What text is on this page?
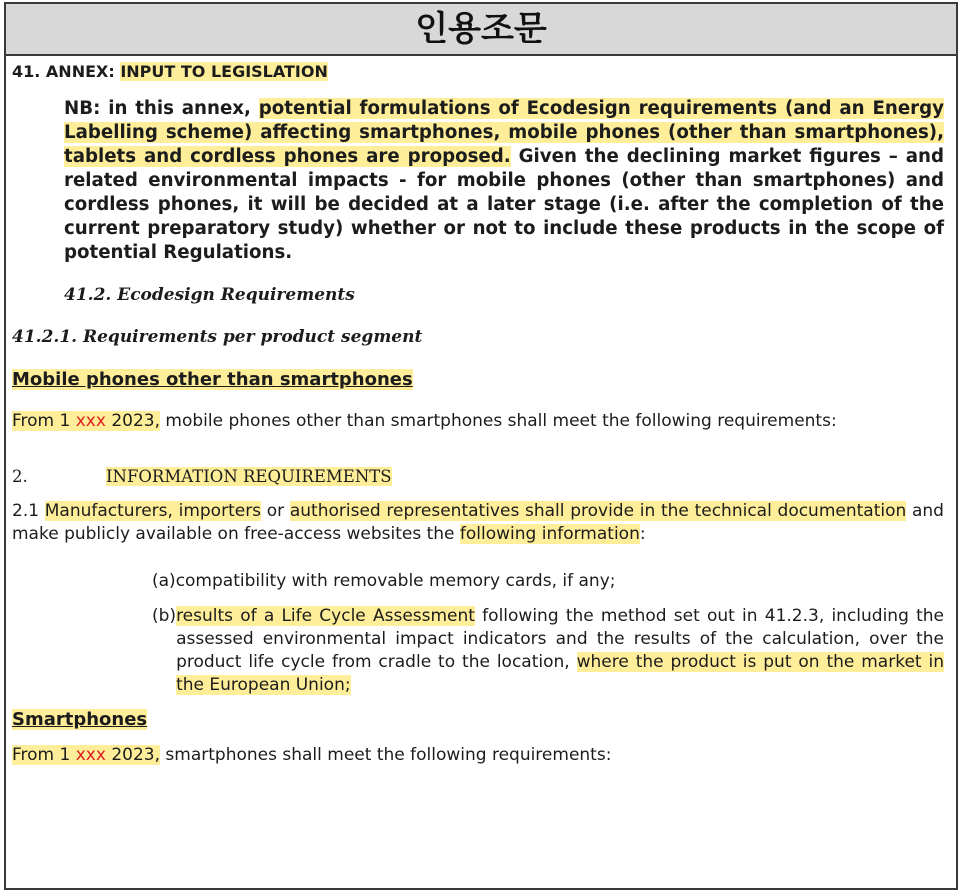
인용조문
41. ANNEX: INPUT TO LEGISLATION
NB: in this annex, potential formulations of Ecodesign requirements (and an Energy Labelling scheme) affecting smartphones, mobile phones (other than smartphones), tablets and cordless phones are proposed. Given the declining market figures – and related environmental impacts - for mobile phones (other than smartphones) and cordless phones, it will be decided at a later stage (i.e. after the completion of the current preparatory study) whether or not to include these products in the scope of potential Regulations.
41.2. Ecodesign Requirements
41.2.1. Requirements per product segment
Mobile phones other than smartphones
From 1 xxx 2023, mobile phones other than smartphones shall meet the following requirements:
2.	INFORMATION REQUIREMENTS
2.1 Manufacturers, importers or authorised representatives shall provide in the technical documentation and make publicly available on free-access websites the following information:
(a) compatibility with removable memory cards, if any;
(b) results of a Life Cycle Assessment following the method set out in 41.2.3, including the assessed environmental impact indicators and the results of the calculation, over the product life cycle from cradle to the location, where the product is put on the market in the European Union;
Smartphones
From 1 xxx 2023, smartphones shall meet the following requirements:
